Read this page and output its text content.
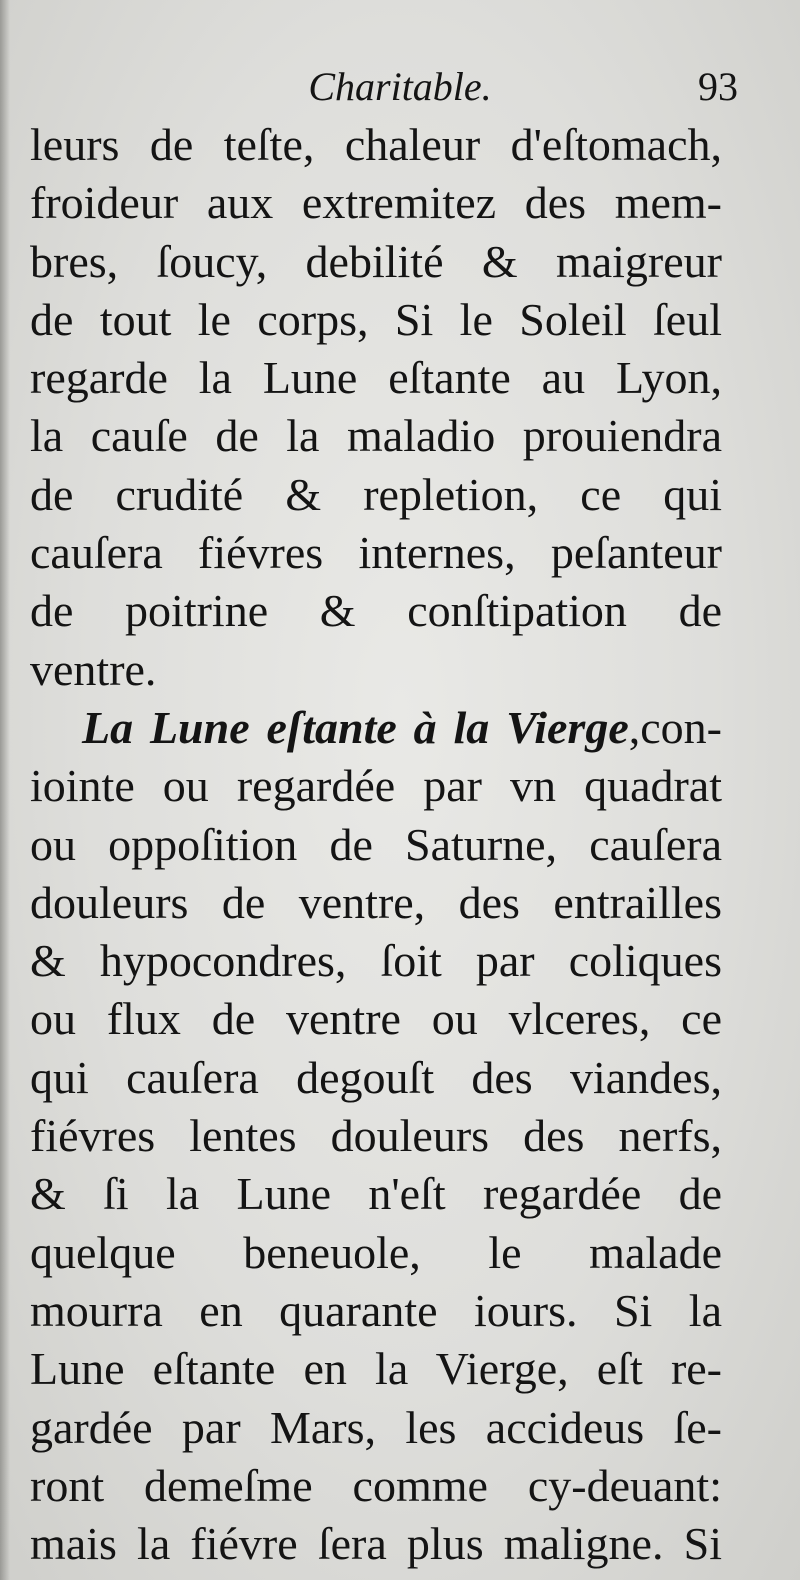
Charitable.	93
leurs de teſte, chaleur d'eſtomach,
froideur aux extremitez des mem-
bres, ſoucy, debilité & maigreur
de tout le corps, Si le Soleil ſeul
regarde la Lune eſtante au Lyon,
la cauſe de la maladio prouiendra
de crudité & repletion, ce qui
cauſera fiévres internes, peſanteur
de poitrine & conſtipation de
ventre.
La Lune eſtante à la Vierge,con-
iointe ou regardée par vn quadrat
ou oppoſition de Saturne, cauſera
douleurs de ventre, des entrailles
& hypocondres, ſoit par coliques
ou flux de ventre ou vlceres, ce
qui cauſera degouſt des viandes,
fiévres lentes douleurs des nerfs,
& ſi la Lune n'eſt regardée de
quelque beneuole, le malade
mourra en quarante iours. Si la
Lune eſtante en la Vierge, eſt re-
gardée par Mars, les accideus ſe-
ront demeſme comme cy-deuant:
mais la fiévre ſera plus maligne. Si
